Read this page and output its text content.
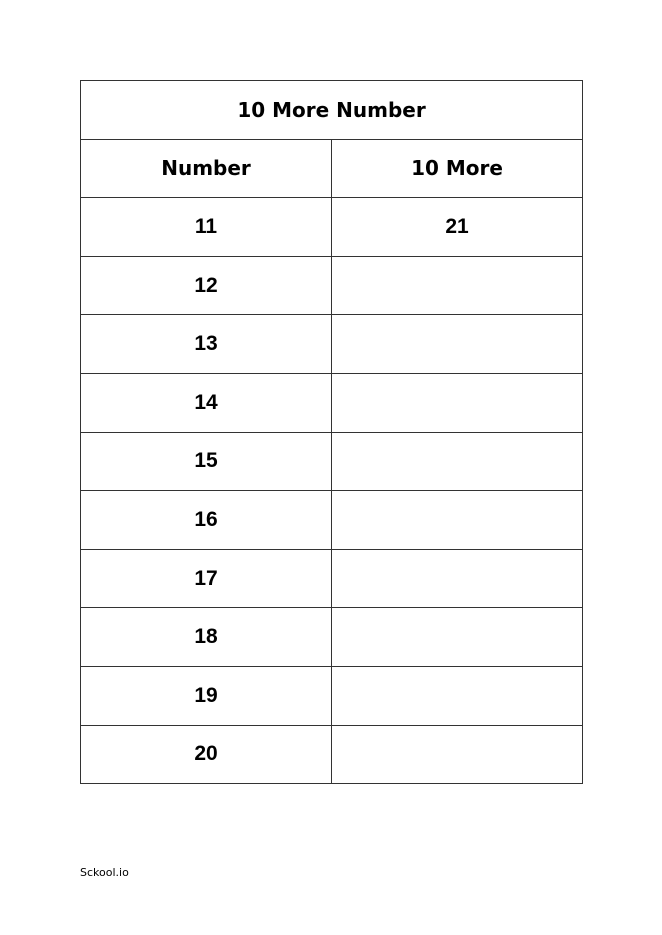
10 More Number	
Number	10 More
11	21
12	
13	
14	
15	
16	
17	
18	
19	
20	
Sckool.io
